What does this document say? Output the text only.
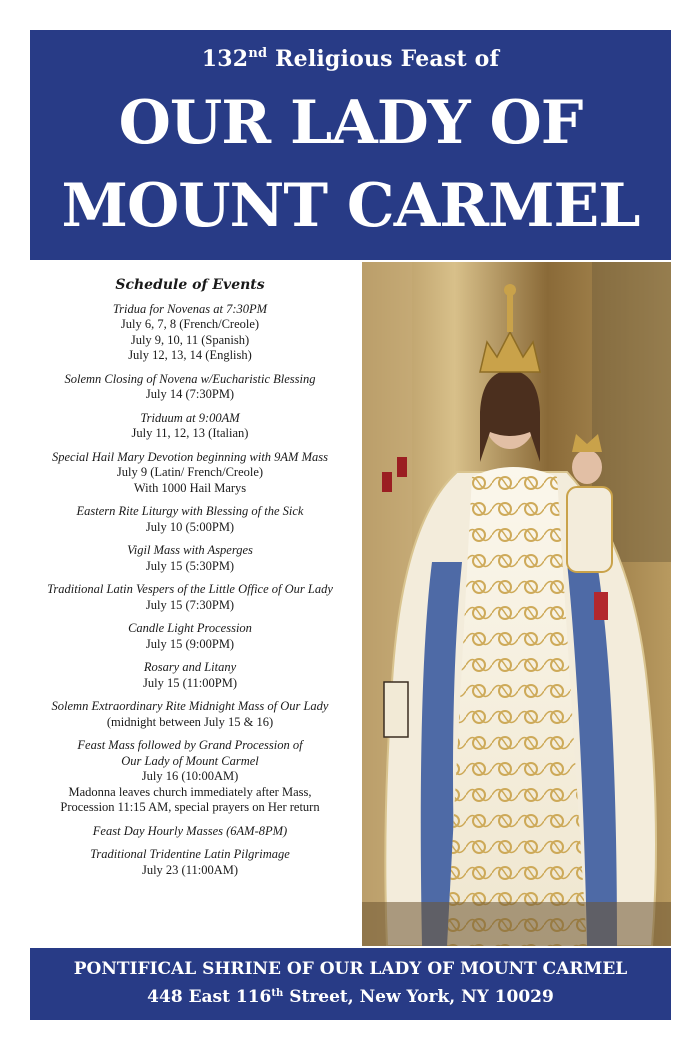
132nd Religious Feast of
OUR LADY OF
MOUNT CARMEL
Schedule of Events
Tridua for Novenas at 7:30PM
July 6, 7, 8 (French/Creole)
July 9, 10, 11 (Spanish)
July 12, 13, 14 (English)
Solemn Closing of Novena w/Eucharistic Blessing
July 14 (7:30PM)
Triduum at 9:00AM
July 11, 12, 13 (Italian)
Special Hail Mary Devotion beginning with 9AM Mass
July 9 (Latin/ French/Creole)
With 1000 Hail Marys
Eastern Rite Liturgy with Blessing of the Sick
July 10 (5:00PM)
Vigil Mass with Asperges
July 15 (5:30PM)
Traditional Latin Vespers of the Little Office of Our Lady
July 15 (7:30PM)
Candle Light Procession
July 15 (9:00PM)
Rosary and Litany
July 15 (11:00PM)
Solemn Extraordinary Rite Midnight Mass of Our Lady
(midnight between July 15 & 16)
Feast Mass followed by Grand Procession of
Our Lady of Mount Carmel
July 16 (10:00AM)
Madonna leaves church immediately after Mass,
Procession 11:15 AM, special prayers on Her return
Feast Day Hourly Masses (6AM-8PM)
Traditional Tridentine Latin Pilgrimage
July 23 (11:00AM)
PONTIFICAL SHRINE OF OUR LADY OF MOUNT CARMEL
448 East 116th Street, New York, NY 10029
